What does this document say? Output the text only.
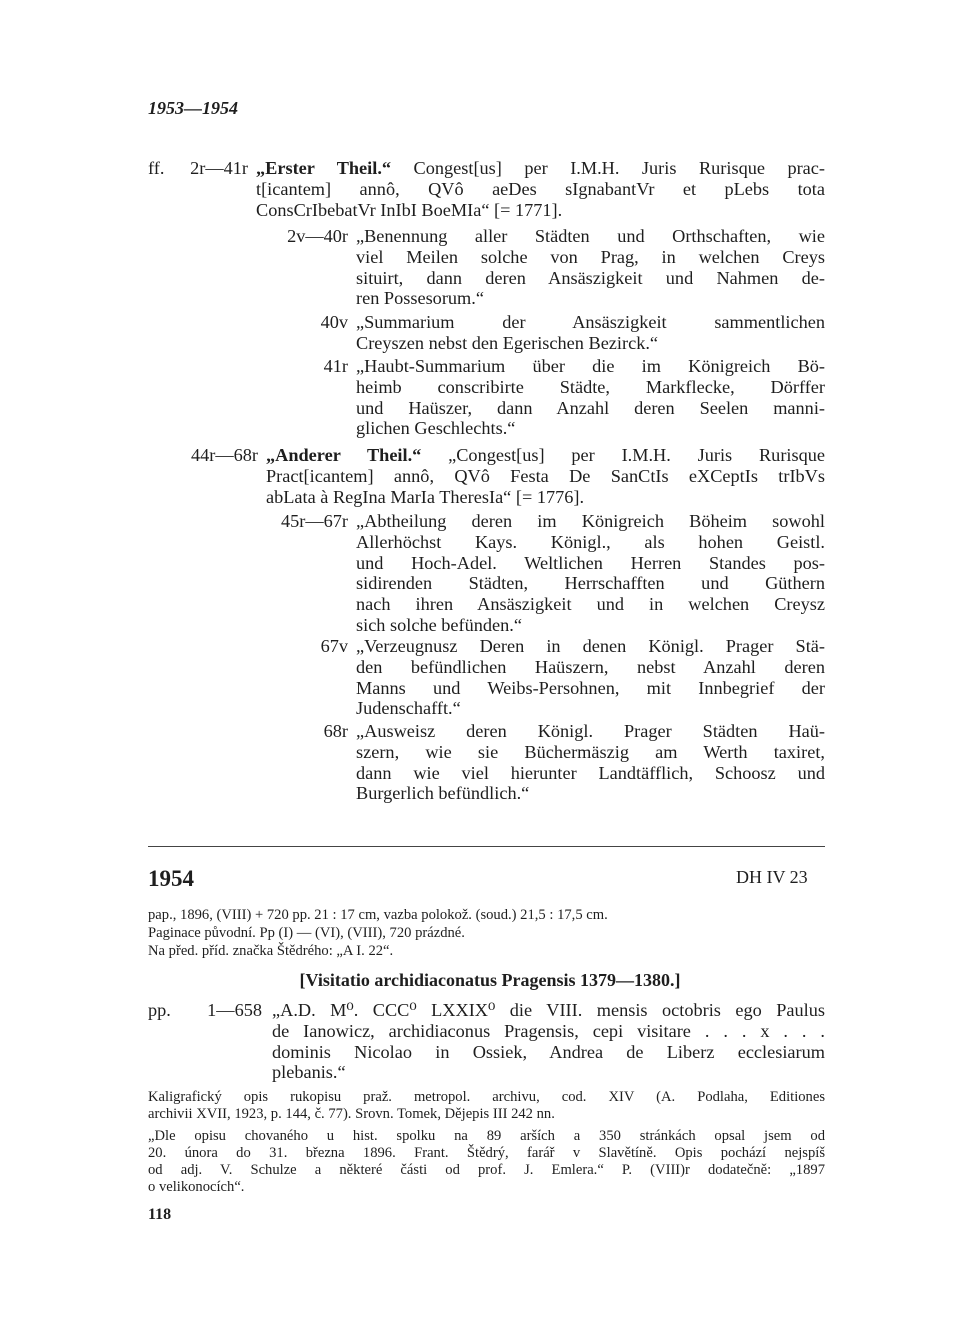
1953—1954
ff.	2r—41r „Erster Theil.“ Congest[us] per I.M.H. Juris Rurisque prac-
t[icantem] annô, QVô aeDes sIgnabantVr et pLebs tota
ConsCrIbebatVr InIbI BoeMIa“ [= 1771].
2v—40r „Benennung aller Städten und Orthschaften, wie
viel Meilen solche von Prag, in welchen Creys
situirt, dann deren Ansäszigkeit und Nahmen de-
ren Possesorum.“
40v „Summarium der Ansäszigkeit sammentlichen
Creyszen nebst den Egerischen Bezirck.“
41r „Haubt-Summarium über die im Königreich Bö-
heimb conscribirte Städte, Markflecke, Dörffer
und Haüszer, dann Anzahl deren Seelen manni-
glichen Geschlechts.“
44r—68r „Anderer Theil.“ „Congest[us] per I.M.H. Juris Rurisque
Pract[icantem] annô, QVô Festa De SanCtIs eXCeptIs trIbVs
abLata à RegIna MarIa TheresIa“ [= 1776].
45r—67r „Abtheilung deren im Königreich Böheim sowohl
Allerhöchst Kays. Königl., als hohen Geistl.
und Hoch-Adel. Weltlichen Herren Standes pos-
sidirenden Städten, Herrschafften und Güthern
nach ihren Ansäszigkeit und in welchen Creysz
sich solche befünden.“
67v „Verzeugnusz Deren in denen Königl. Prager Stä-
den befündlichen Haüszern, nebst Anzahl deren
Manns und Weibs-Persohnen, mit Innbegrief der
Judenschafft.“
68r „Ausweisz deren Königl. Prager Städten Haü-
szern, wie sie Büchermäszig am Werth taxiret,
dann wie viel hierunter Landtäfflich, Schoosz und
Burgerlich befündlich.“
1954	DH IV 23
pap., 1896, (VIII) + 720 pp. 21 : 17 cm, vazba polokož. (soud.) 21,5 : 17,5 cm.
Paginace původní. Pp (I) — (VI), (VIII), 720 prázdné.
Na před. příd. značka Štědrého: „A I. 22“.
[Visitatio archidiaconatus Pragensis 1379—1380.]
pp.	1—658 „A.D. M⁰. CCC⁰ LXXIX⁰ die VIII. mensis octobris ego Paulus
de Ianowicz, archidiaconus Pragensis, cepi visitare . . . x . . .
dominis Nicolao in Ossiek, Andrea de Liberz ecclesiarum
plebanis.“
Kaligrafický opis rukopisu praž. metropol. archivu, cod. XIV (A. Podlaha, Editiones
archivii XVII, 1923, p. 144, č. 77). Srovn. Tomek, Dějepis III 242 nn.
„Dle opisu chovaného u hist. spolku na 89 arších a 350 stránkách opsal jsem od
20. února do 31. března 1896. Frant. Štědrý, farář v Slavětíně. Opis pochází nejspíš
od adj. V. Schulze a některé části od prof. J. Emlera.“ P. (VIII)r dodatečně: „1897
o velikonocích“.
118
